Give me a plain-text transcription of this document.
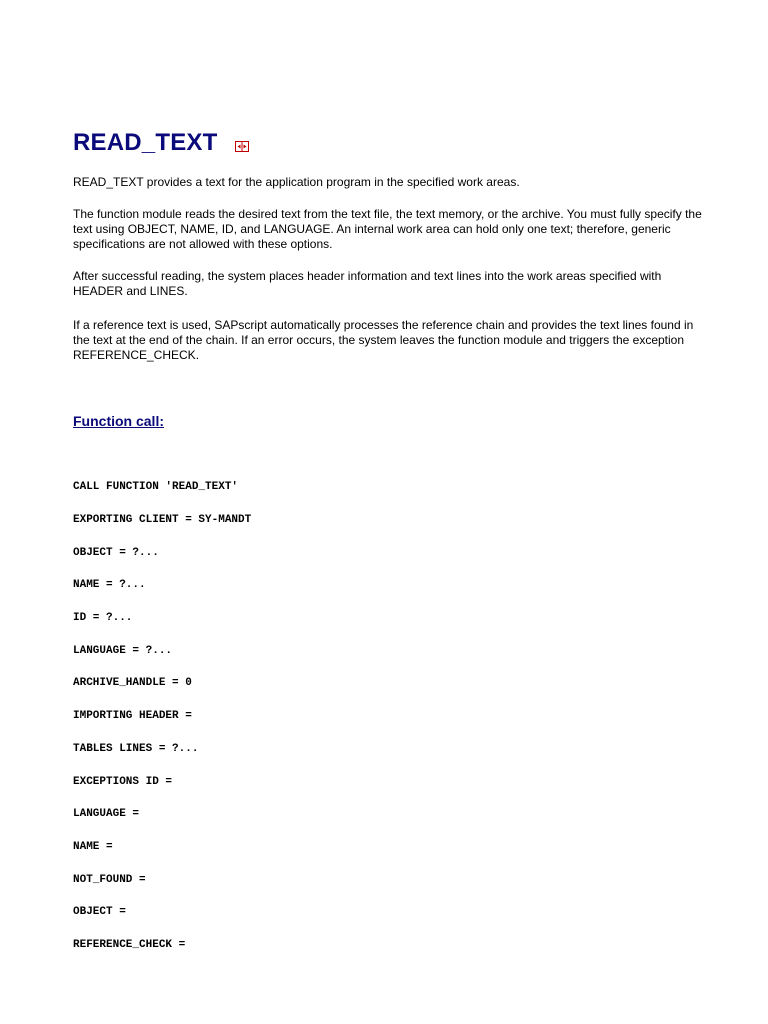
READ_TEXT

READ_TEXT provides a text for the application program in the specified work areas.

The function module reads the desired text from the text file, the text memory, or the archive. You must fully specify the text using OBJECT, NAME, ID, and LANGUAGE. An internal work area can hold only one text; therefore, generic specifications are not allowed with these options.

After successful reading, the system places header information and text lines into the work areas specified with HEADER and LINES.

If a reference text is used, SAPscript automatically processes the reference chain and provides the text lines found in the text at the end of the chain. If an error occurs, the system leaves the function module and triggers the exception REFERENCE_CHECK.

Function call:
CALL FUNCTION 'READ_TEXT'
EXPORTING CLIENT = SY-MANDT
OBJECT = ?...
NAME = ?...
ID = ?...
LANGUAGE = ?...
ARCHIVE_HANDLE = 0
IMPORTING HEADER =
TABLES LINES = ?...
EXCEPTIONS ID =
LANGUAGE =
NAME =
NOT_FOUND =
OBJECT =
REFERENCE_CHECK =
